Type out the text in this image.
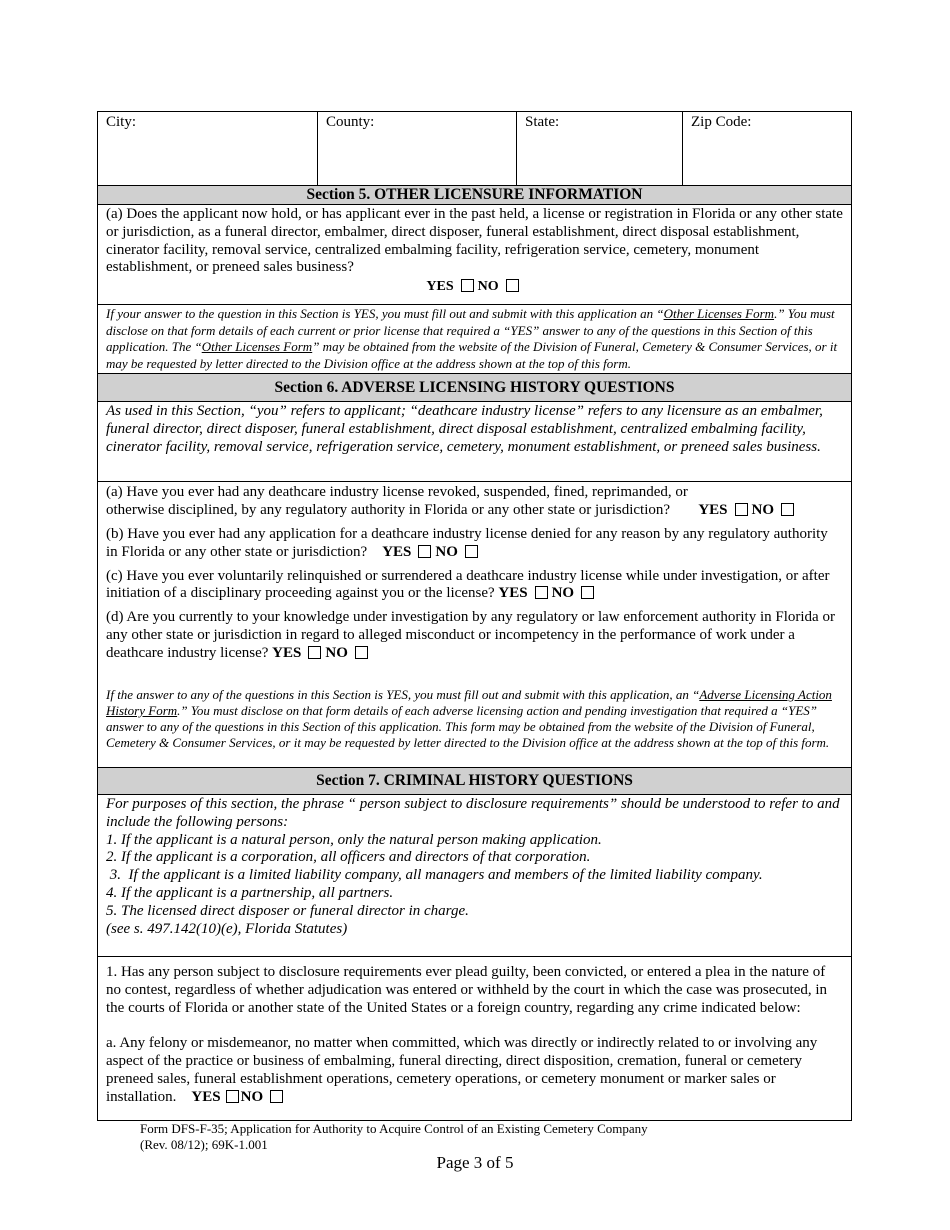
City:	County:	State:	Zip Code:
Section 5. OTHER LICENSURE INFORMATION

(a) Does the applicant now hold, or has applicant ever in the past held, a license or registration in Florida or any other state or jurisdiction, as a funeral director, embalmer, direct disposer, funeral establishment, direct disposal establishment, cinerator facility, removal service, centralized embalming facility, refrigeration service, cemetery, monument establishment, or preneed sales business?

YES NO

If your answer to the question in this Section is YES, you must fill out and submit with this application an “Other Licenses Form.” You must disclose on that form details of each current or prior license that required a “YES” answer to any of the questions in this Section of this application. The “Other Licenses Form” may be obtained from the website of the Division of Funeral, Cemetery & Consumer Services, or it may be requested by letter directed to the Division office at the address shown at the top of this form.

Section 6. ADVERSE LICENSING HISTORY QUESTIONS

As used in this Section, “you” refers to applicant; “deathcare industry license” refers to any licensure as an embalmer, funeral director, direct disposer, funeral establishment, direct disposal establishment, centralized embalming facility, cinerator facility, removal service, refrigeration service, cemetery, monument establishment, or preneed sales business.

(a) Have you ever had any deathcare industry license revoked, suspended, fined, reprimanded, or otherwise disciplined, by any regulatory authority in Florida or any other state or jurisdiction?	YES NO

(b) Have you ever had any application for a deathcare industry license denied for any reason by any regulatory authority in Florida or any other state or jurisdiction? YES NO

(c) Have you ever voluntarily relinquished or surrendered a deathcare industry license while under investigation, or after initiation of a disciplinary proceeding against you or the license? YES NO

(d) Are you currently to your knowledge under investigation by any regulatory or law enforcement authority in Florida or any other state or jurisdiction in regard to alleged misconduct or incompetency in the performance of work under a deathcare industry license? YES NO

If the answer to any of the questions in this Section is YES, you must fill out and submit with this application, an “Adverse Licensing Action History Form.” You must disclose on that form details of each adverse licensing action and pending investigation that required a “YES” answer to any of the questions in this Section of this application. This form may be obtained from the website of the Division of Funeral, Cemetery & Consumer Services, or it may be requested by letter directed to the Division office at the address shown at the top of this form.

Section 7. CRIMINAL HISTORY QUESTIONS

For purposes of this section, the phrase “ person subject to disclosure requirements” should be understood to refer to and include the following persons:

1. If the applicant is a natural person, only the natural person making application.

2. If the applicant is a corporation, all officers and directors of that corporation.

3.  If the applicant is a limited liability company, all managers and members of the limited liability company.

4. If the applicant is a partnership, all partners.

5. The licensed direct disposer or funeral director in charge.

(see s. 497.142(10)(e), Florida Statutes)

1. Has any person subject to disclosure requirements ever plead guilty, been convicted, or entered a plea in the nature of no contest, regardless of whether adjudication was entered or withheld by the court in which the case was prosecuted, in the courts of Florida or another state of the United States or a foreign country, regarding any crime indicated below:

a. Any felony or misdemeanor, no matter when committed, which was directly or indirectly related to or involving any aspect of the practice or business of embalming, funeral directing, direct disposition, cremation, funeral or cemetery preneed sales, funeral establishment operations, cemetery operations, or cemetery monument or marker sales or installation. YES NO

Form DFS-F-35; Application for Authority to Acquire Control of an Existing Cemetery Company
(Rev. 08/12); 69K-1.001
Page 3 of 5
